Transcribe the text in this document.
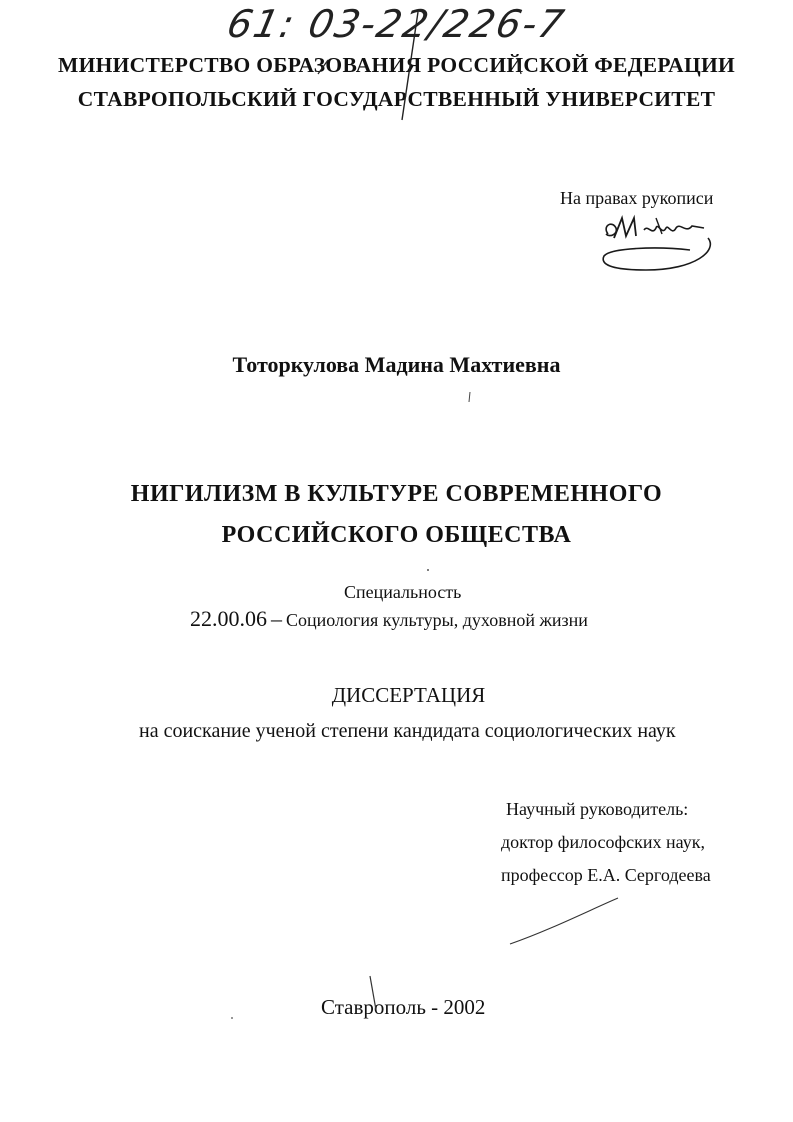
61: 03-22/226-7
МИНИСТЕРСТВО ОБРАЗОВАНИЯ РОССИЙСКОЙ ФЕДЕРАЦИИ
СТАВРОПОЛЬСКИЙ ГОСУДАРСТВЕННЫЙ УНИВЕРСИТЕТ
На правах рукописи
Тоторкулова Мадина Махтиевна
НИГИЛИЗМ В КУЛЬТУРЕ СОВРЕМЕННОГО
РОССИЙСКОГО ОБЩЕСТВА
Специальность
22.00.06 – Социология культуры, духовной жизни
ДИССЕРТАЦИЯ
на соискание ученой степени кандидата социологических наук
Научный руководитель:
доктор философских наук,
профессор Е.А. Сергодеева
Ставрополь - 2002
